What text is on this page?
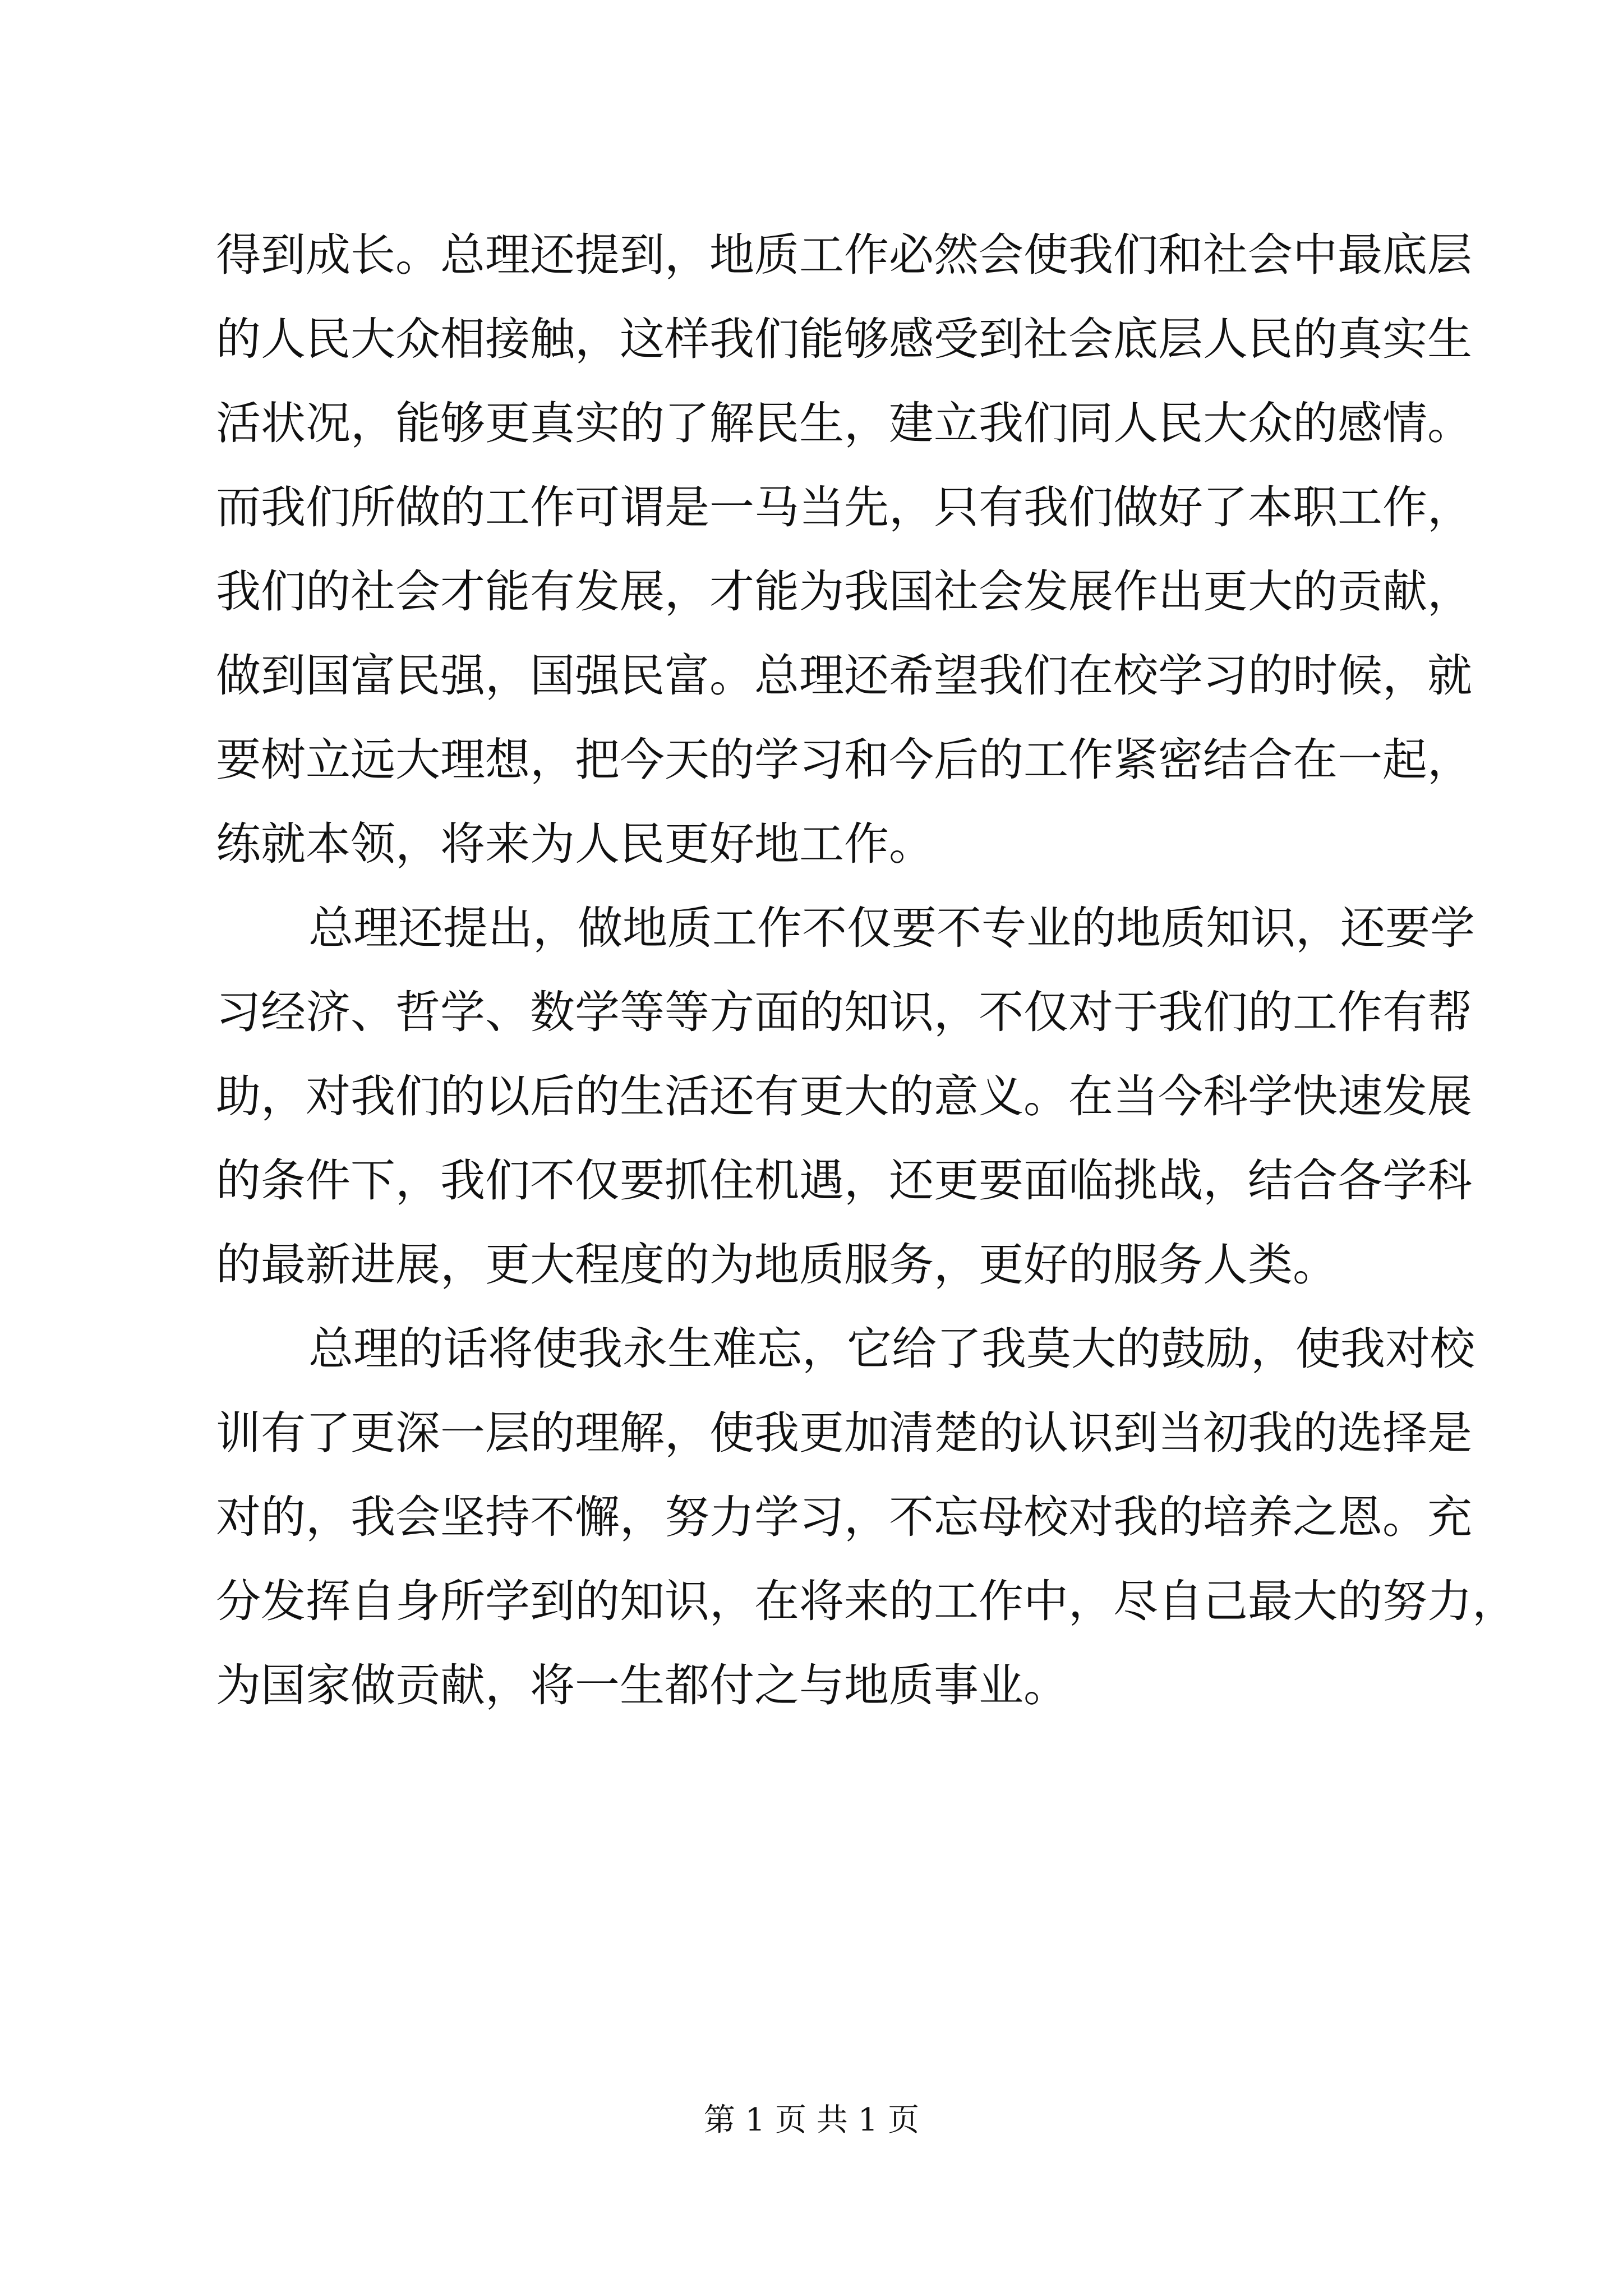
得到成长。总理还提到，地质工作必然会使我们和社会中最底层
的人民大众相接触，这样我们能够感受到社会底层人民的真实生
活状况，能够更真实的了解民生，建立我们同人民大众的感情。
而我们所做的工作可谓是一马当先，只有我们做好了本职工作，
我们的社会才能有发展，才能为我国社会发展作出更大的贡献，
做到国富民强，国强民富。总理还希望我们在校学习的时候，就
要树立远大理想，把今天的学习和今后的工作紧密结合在一起，
练就本领，将来为人民更好地工作。
总理还提出，做地质工作不仅要不专业的地质知识，还要学
习经济、哲学、数学等等方面的知识，不仅对于我们的工作有帮
助，对我们的以后的生活还有更大的意义。在当今科学快速发展
的条件下，我们不仅要抓住机遇，还更要面临挑战，结合各学科
的最新进展，更大程度的为地质服务，更好的服务人类。
总理的话将使我永生难忘，它给了我莫大的鼓励，使我对校
训有了更深一层的理解，使我更加清楚的认识到当初我的选择是
对的，我会坚持不懈，努力学习，不忘母校对我的培养之恩。充
分发挥自身所学到的知识，在将来的工作中，尽自己最大的努力，
为国家做贡献，将一生都付之与地质事业。
第 1 页 共 1 页
